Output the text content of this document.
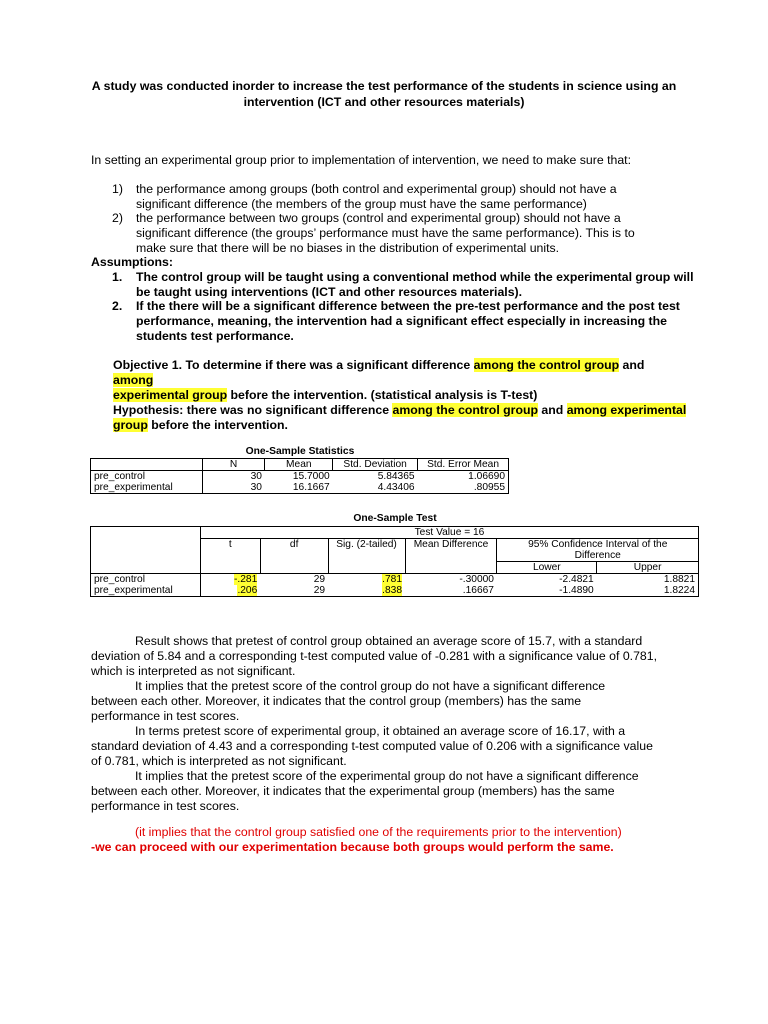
A study was conducted inorder to increase the test performance of the students in science using an
intervention (ICT and other resources materials)
In setting an experimental group prior to implementation of intervention, we need to make sure that:
1) the performance among groups (both control and experimental group) should not have a
significant difference (the members of the group must have the same performance)
2) the performance between two groups (control and experimental group) should not have a
significant difference (the groups’ performance must have the same performance). This is to
make sure that there will be no biases in the distribution of experimental units.
Assumptions:
1. The control group will be taught using a conventional method while the experimental group will
be taught using interventions (ICT and other resources materials).
2. If the there will be a significant difference between the pre-test performance and the post test
performance, meaning, the intervention had a significant effect especially in increasing the
students test performance.
Objective 1. To determine if there was a significant difference among the control group and among
experimental group before the intervention. (statistical analysis is T-test)
Hypothesis: there was no significant difference among the control group and among experimental
group before the intervention.
One-Sample Statistics
	N	Mean	Std. Deviation	Std. Error Mean
pre_control	30	15.7000	5.84365	1.06690
pre_experimental	30	16.1667	4.43406	.80955
One-Sample Test
	Test Value = 16					
	t	df	Sig. (2-tailed)	Mean Difference	95% Confidence Interval of the Difference	

					Lower	Upper
pre_control	-.281	29	.781	-.30000	-2.4821	1.8821
pre_experimental	.206	29	.838	.16667	-1.4890	1.8224
Result shows that pretest of control group obtained an average score of 15.7, with a standard
deviation of 5.84 and a corresponding t-test computed value of -0.281 with a significance value of 0.781,
which is interpreted as not significant.
It implies that the pretest score of the control group do not have a significant difference
between each other. Moreover, it indicates that the control group (members) has the same
performance in test scores.
In terms pretest score of experimental group, it obtained an average score of 16.17, with a
standard deviation of 4.43 and a corresponding t-test computed value of 0.206 with a significance value
of 0.781, which is interpreted as not significant.
It implies that the pretest score of the experimental group do not have a significant difference
between each other. Moreover, it indicates that the experimental group (members) has the same
performance in test scores.
(it implies that the control group satisfied one of the requirements prior to the intervention)
-we can proceed with our experimentation because both groups would perform the same.
